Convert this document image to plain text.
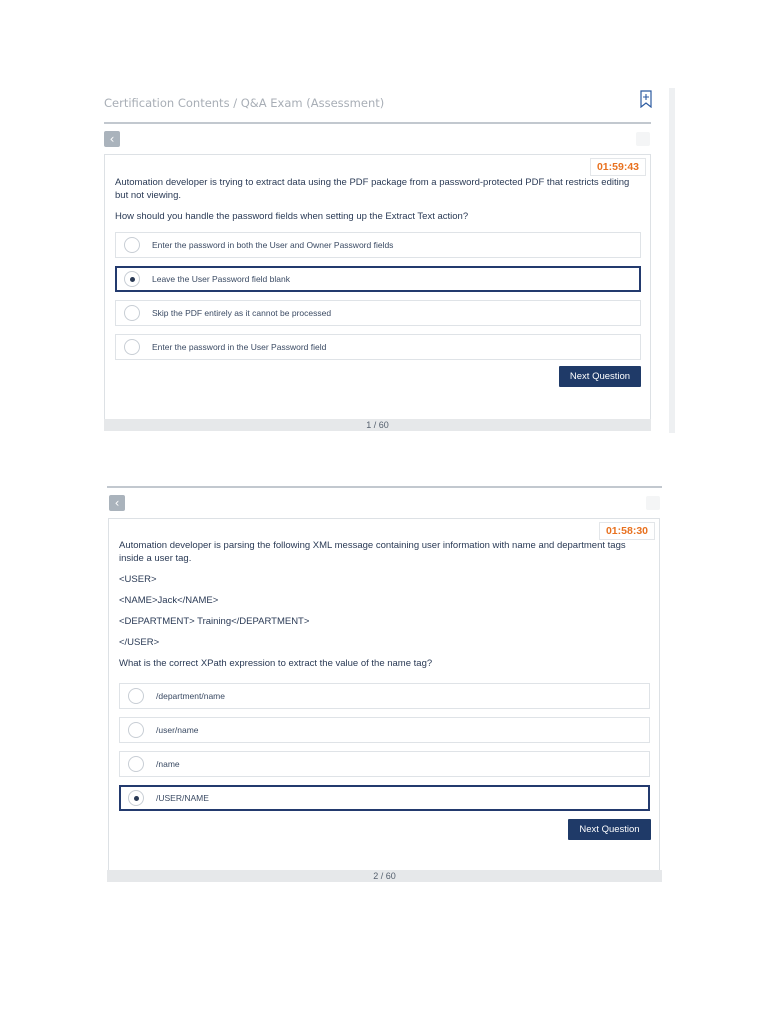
Certification Contents / Q&A Exam (Assessment)
‹
01:59:43
Automation developer is trying to extract data using the PDF package from a password-protected PDF that restricts editing but not viewing.
How should you handle the password fields when setting up the Extract Text action?
Enter the password in both the User and Owner Password fields
Leave the User Password field blank
Skip the PDF entirely as it cannot be processed
Enter the password in the User Password field
Next Question
1 / 60
‹
01:58:30
Automation developer is parsing the following XML message containing user information with name and department tags inside a user tag.
<USER>
<NAME>Jack</NAME>
<DEPARTMENT> Training</DEPARTMENT>
</USER>
What is the correct XPath expression to extract the value of the name tag?
/department/name
/user/name
/name
/USER/NAME
Next Question
2 / 60
